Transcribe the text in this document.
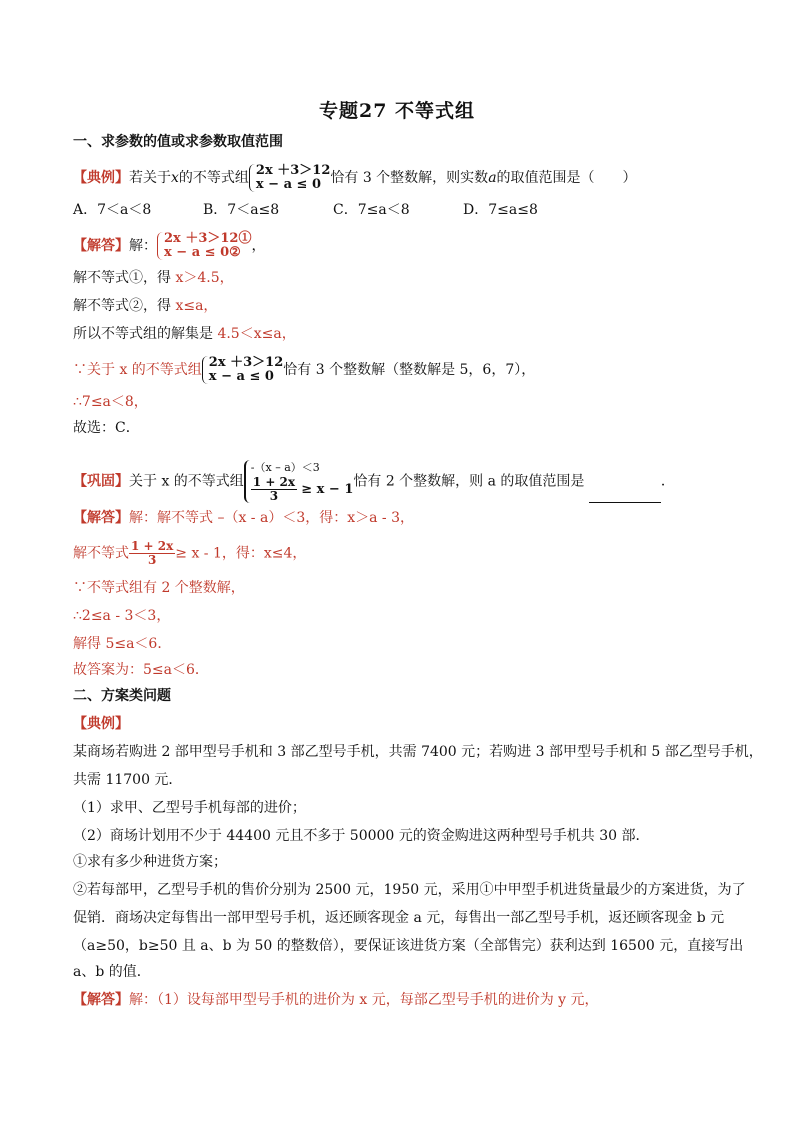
专题27 不等式组
一、求参数的值或求参数取值范围
【典例】若关于x的不等式组 2x ＋3＞12
x − a ≤ 0 恰有 3 个整数解，则实数a的取值范围是（　　）
A．7＜a＜8	B．7＜a≤8	C．7≤a＜8	D．7≤a≤8
【解答】解： 2x ＋3＞12①
x − a ≤ 0② ，
解不等式①，得 x＞4.5，
解不等式②，得 x≤a，
所以不等式组的解集是 4.5＜x≤a，
∵关于 x 的不等式组 2x ＋3＞12
x − a ≤ 0 恰有 3 个整数解（整数解是 5，6，7），
∴7≤a＜8，
故选：C．
【巩固】关于 x 的不等式组
-（x – a）＜3
$\frac{1 + 2x}{3} \ge x - 1$ 恰有 2 个整数解，则 a 的取值范围是	．
【解答】解：解不等式 –（x - a）＜3，得：x＞a - 3，
解不等式 $\frac{1 + 2x}{3} \ge x - 1$，得：x≤4，
∵不等式组有 2 个整数解，
∴2≤a - 3＜3，
解得 5≤a＜6．
故答案为：5≤a＜6．
二、方案类问题
【典例】
某商场若购进 2 部甲型号手机和 3 部乙型号手机，共需 7400 元；若购进 3 部甲型号手机和 5 部乙型号手机，
共需 11700 元．
（1）求甲、乙型号手机每部的进价；
（2）商场计划用不少于 44400 元且不多于 50000 元的资金购进这两种型号手机共 30 部．
①求有多少种进货方案；
②若每部甲，乙型号手机的售价分别为 2500 元，1950 元，采用①中甲型手机进货量最少的方案进货，为了
促销．商场决定每售出一部甲型号手机，返还顾客现金 a 元，每售出一部乙型号手机，返还顾客现金 b 元
（a≥50，b≥50 且 a、b 为 50 的整数倍），要保证该进货方案（全部售完）获利达到 16500 元，直接写出
a、b 的值．
【解答】解：（1）设每部甲型号手机的进价为 x 元，每部乙型号手机的进价为 y 元，
